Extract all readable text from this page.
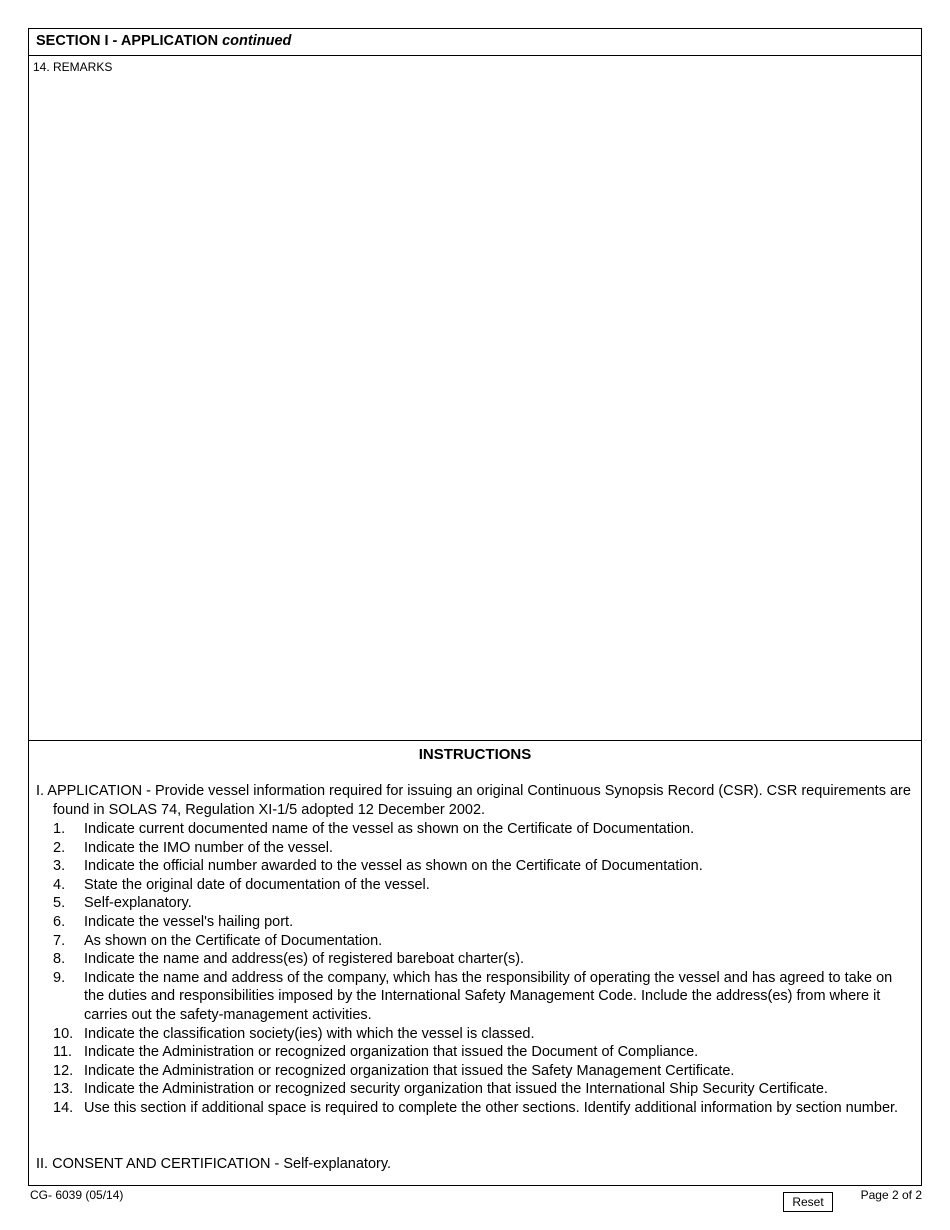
SECTION I - APPLICATION continued
14. REMARKS
INSTRUCTIONS
I. APPLICATION - Provide vessel information required for issuing an original Continuous Synopsis Record (CSR). CSR requirements are found in SOLAS 74, Regulation XI-1/5 adopted 12 December 2002.
1. Indicate current documented name of the vessel as shown on the Certificate of Documentation.
2. Indicate the IMO number of the vessel.
3. Indicate the official number awarded to the vessel as shown on the Certificate of Documentation.
4. State the original date of documentation of the vessel.
5. Self-explanatory.
6. Indicate the vessel's hailing port.
7. As shown on the Certificate of Documentation.
8. Indicate the name and address(es) of registered bareboat charter(s).
9. Indicate the name and address of the company, which has the responsibility of operating the vessel and has agreed to take on the duties and responsibilities imposed by the International Safety Management Code. Include the address(es) from where it carries out the safety-management activities.
10. Indicate the classification society(ies) with which the vessel is classed.
11. Indicate the Administration or recognized organization that issued the Document of Compliance.
12. Indicate the Administration or recognized organization that issued the Safety Management Certificate.
13. Indicate the Administration or recognized security organization that issued the International Ship Security Certificate.
14. Use this section if additional space is required to complete the other sections. Identify additional information by section number.
II. CONSENT AND CERTIFICATION - Self-explanatory.
CG- 6039 (05/14)	Reset	Page 2 of 2
